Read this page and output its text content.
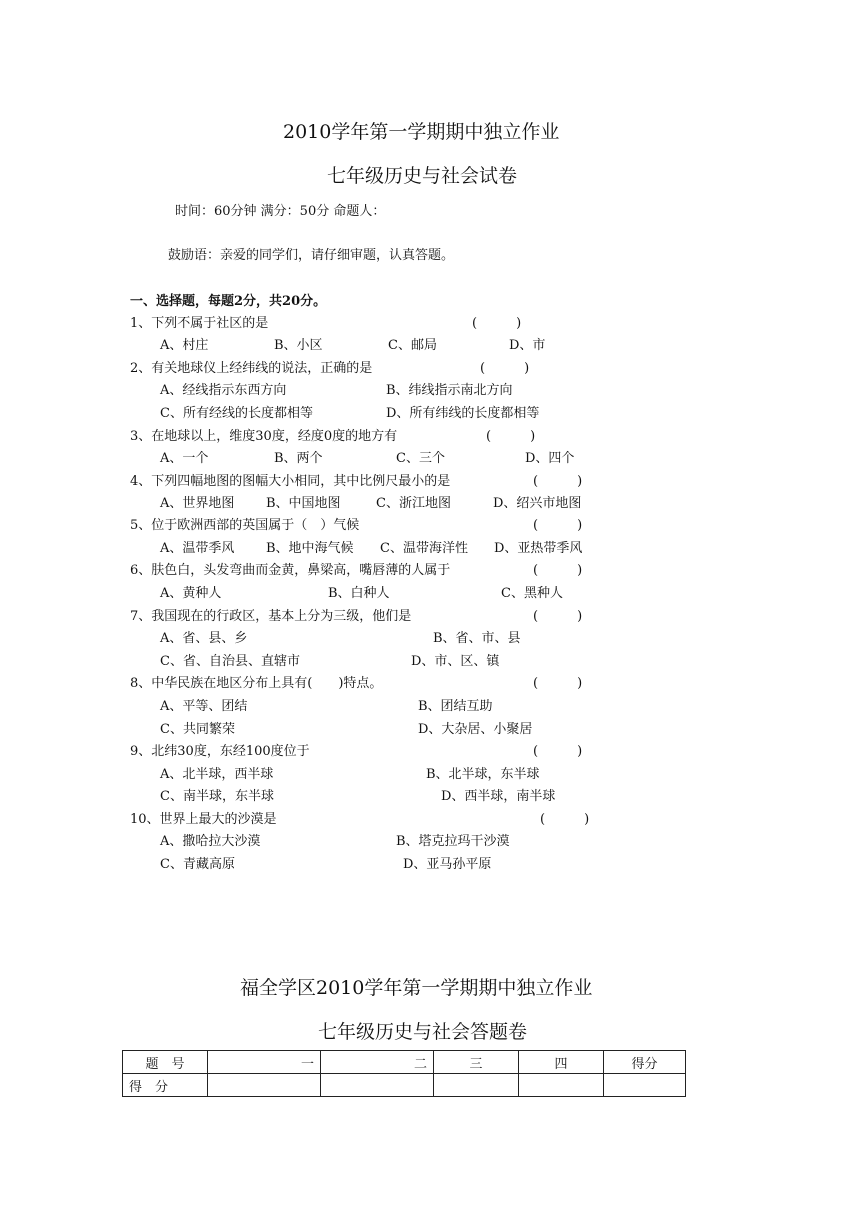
2010学年第一学期期中独立作业
七年级历史与社会试卷
时间：60分钟 满分：50分 命题人：
鼓励语：亲爱的同学们，请仔细审题，认真答题。
一、选择题，每题2分，共20分。
1、下列不属于社区的是	(　　　)
A、村庄	B、小区	C、邮局	D、市
2、有关地球仪上经纬线的说法，正确的是	(　　　)
A、经线指示东西方向	B、纬线指示南北方向
C、所有经线的长度都相等	D、所有纬线的长度都相等
3、在地球以上，维度30度，经度0度的地方有	(　　　)
A、一个	B、两个	C、三个	D、四个
4、下列四幅地图的图幅大小相同，其中比例尺最小的是	(　　　)
A、世界地图 B、中国地图	C、浙江地图	D、绍兴市地图
5、位于欧洲西部的英国属于（　）气候	(　　　)
A、温带季风 B、地中海气候 C、温带海洋性 D、亚热带季风
6、肤色白，头发弯曲而金黄，鼻梁高，嘴唇薄的人属于	(　　　)
A、黄种人	B、白种人	C、黑种人
7、我国现在的行政区，基本上分为三级，他们是	(　　　)
A、省、县、乡	B、省、市、县
C、省、自治县、直辖市	D、市、区、镇
8、中华民族在地区分布上具有(　　)特点。	(　　　)
A、平等、团结	B、团结互助
C、共同繁荣	D、大杂居、小聚居
9、北纬30度，东经100度位于	(　　　)
A、北半球，西半球	B、北半球，东半球
C、南半球，东半球	D、西半球，南半球
10、世界上最大的沙漠是	(　　　)
A、撒哈拉大沙漠	B、塔克拉玛干沙漠
C、青藏高原	D、亚马孙平原
福全学区2010学年第一学期期中独立作业
七年级历史与社会答题卷
题　号	一	二	三	四	得分
得　分					
